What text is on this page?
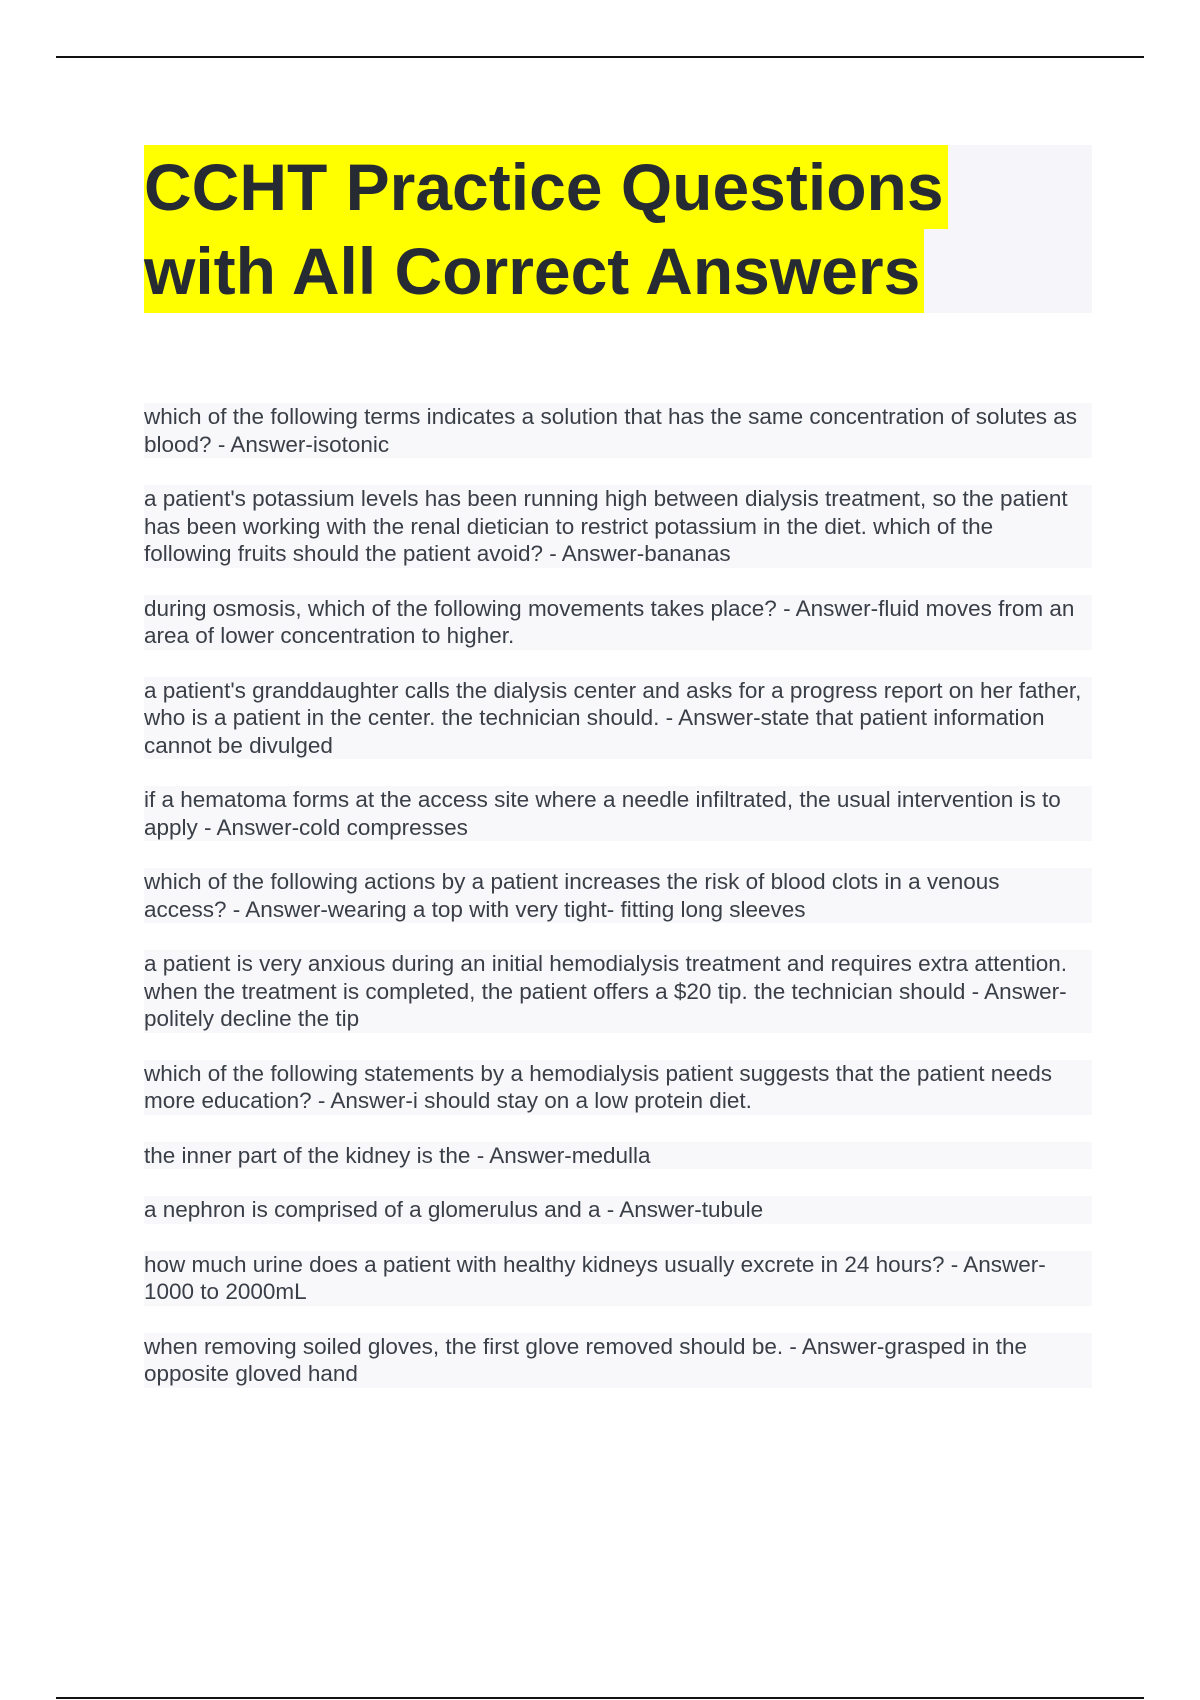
CCHT Practice Questions
with All Correct Answers

which of the following terms indicates a solution that has the same concentration of solutes as blood? - Answer-isotonic

a patient's potassium levels has been running high between dialysis treatment, so the patient has been working with the renal dietician to restrict potassium in the diet. which of the following fruits should the patient avoid? - Answer-bananas

during osmosis, which of the following movements takes place? - Answer-fluid moves from an area of lower concentration to higher.

a patient's granddaughter calls the dialysis center and asks for a progress report on her father, who is a patient in the center. the technician should. - Answer-state that patient information cannot be divulged

if a hematoma forms at the access site where a needle infiltrated, the usual intervention is to apply - Answer-cold compresses

which of the following actions by a patient increases the risk of blood clots in a venous access? - Answer-wearing a top with very tight- fitting long sleeves

a patient is very anxious during an initial hemodialysis treatment and requires extra attention. when the treatment is completed, the patient offers a $20 tip. the technician should - Answer-politely decline the tip

which of the following statements by a hemodialysis patient suggests that the patient needs more education? - Answer-i should stay on a low protein diet.

the inner part of the kidney is the - Answer-medulla

a nephron is comprised of a glomerulus and a - Answer-tubule

how much urine does a patient with healthy kidneys usually excrete in 24 hours? - Answer-1000 to 2000mL

when removing soiled gloves, the first glove removed should be. - Answer-grasped in the opposite gloved hand
